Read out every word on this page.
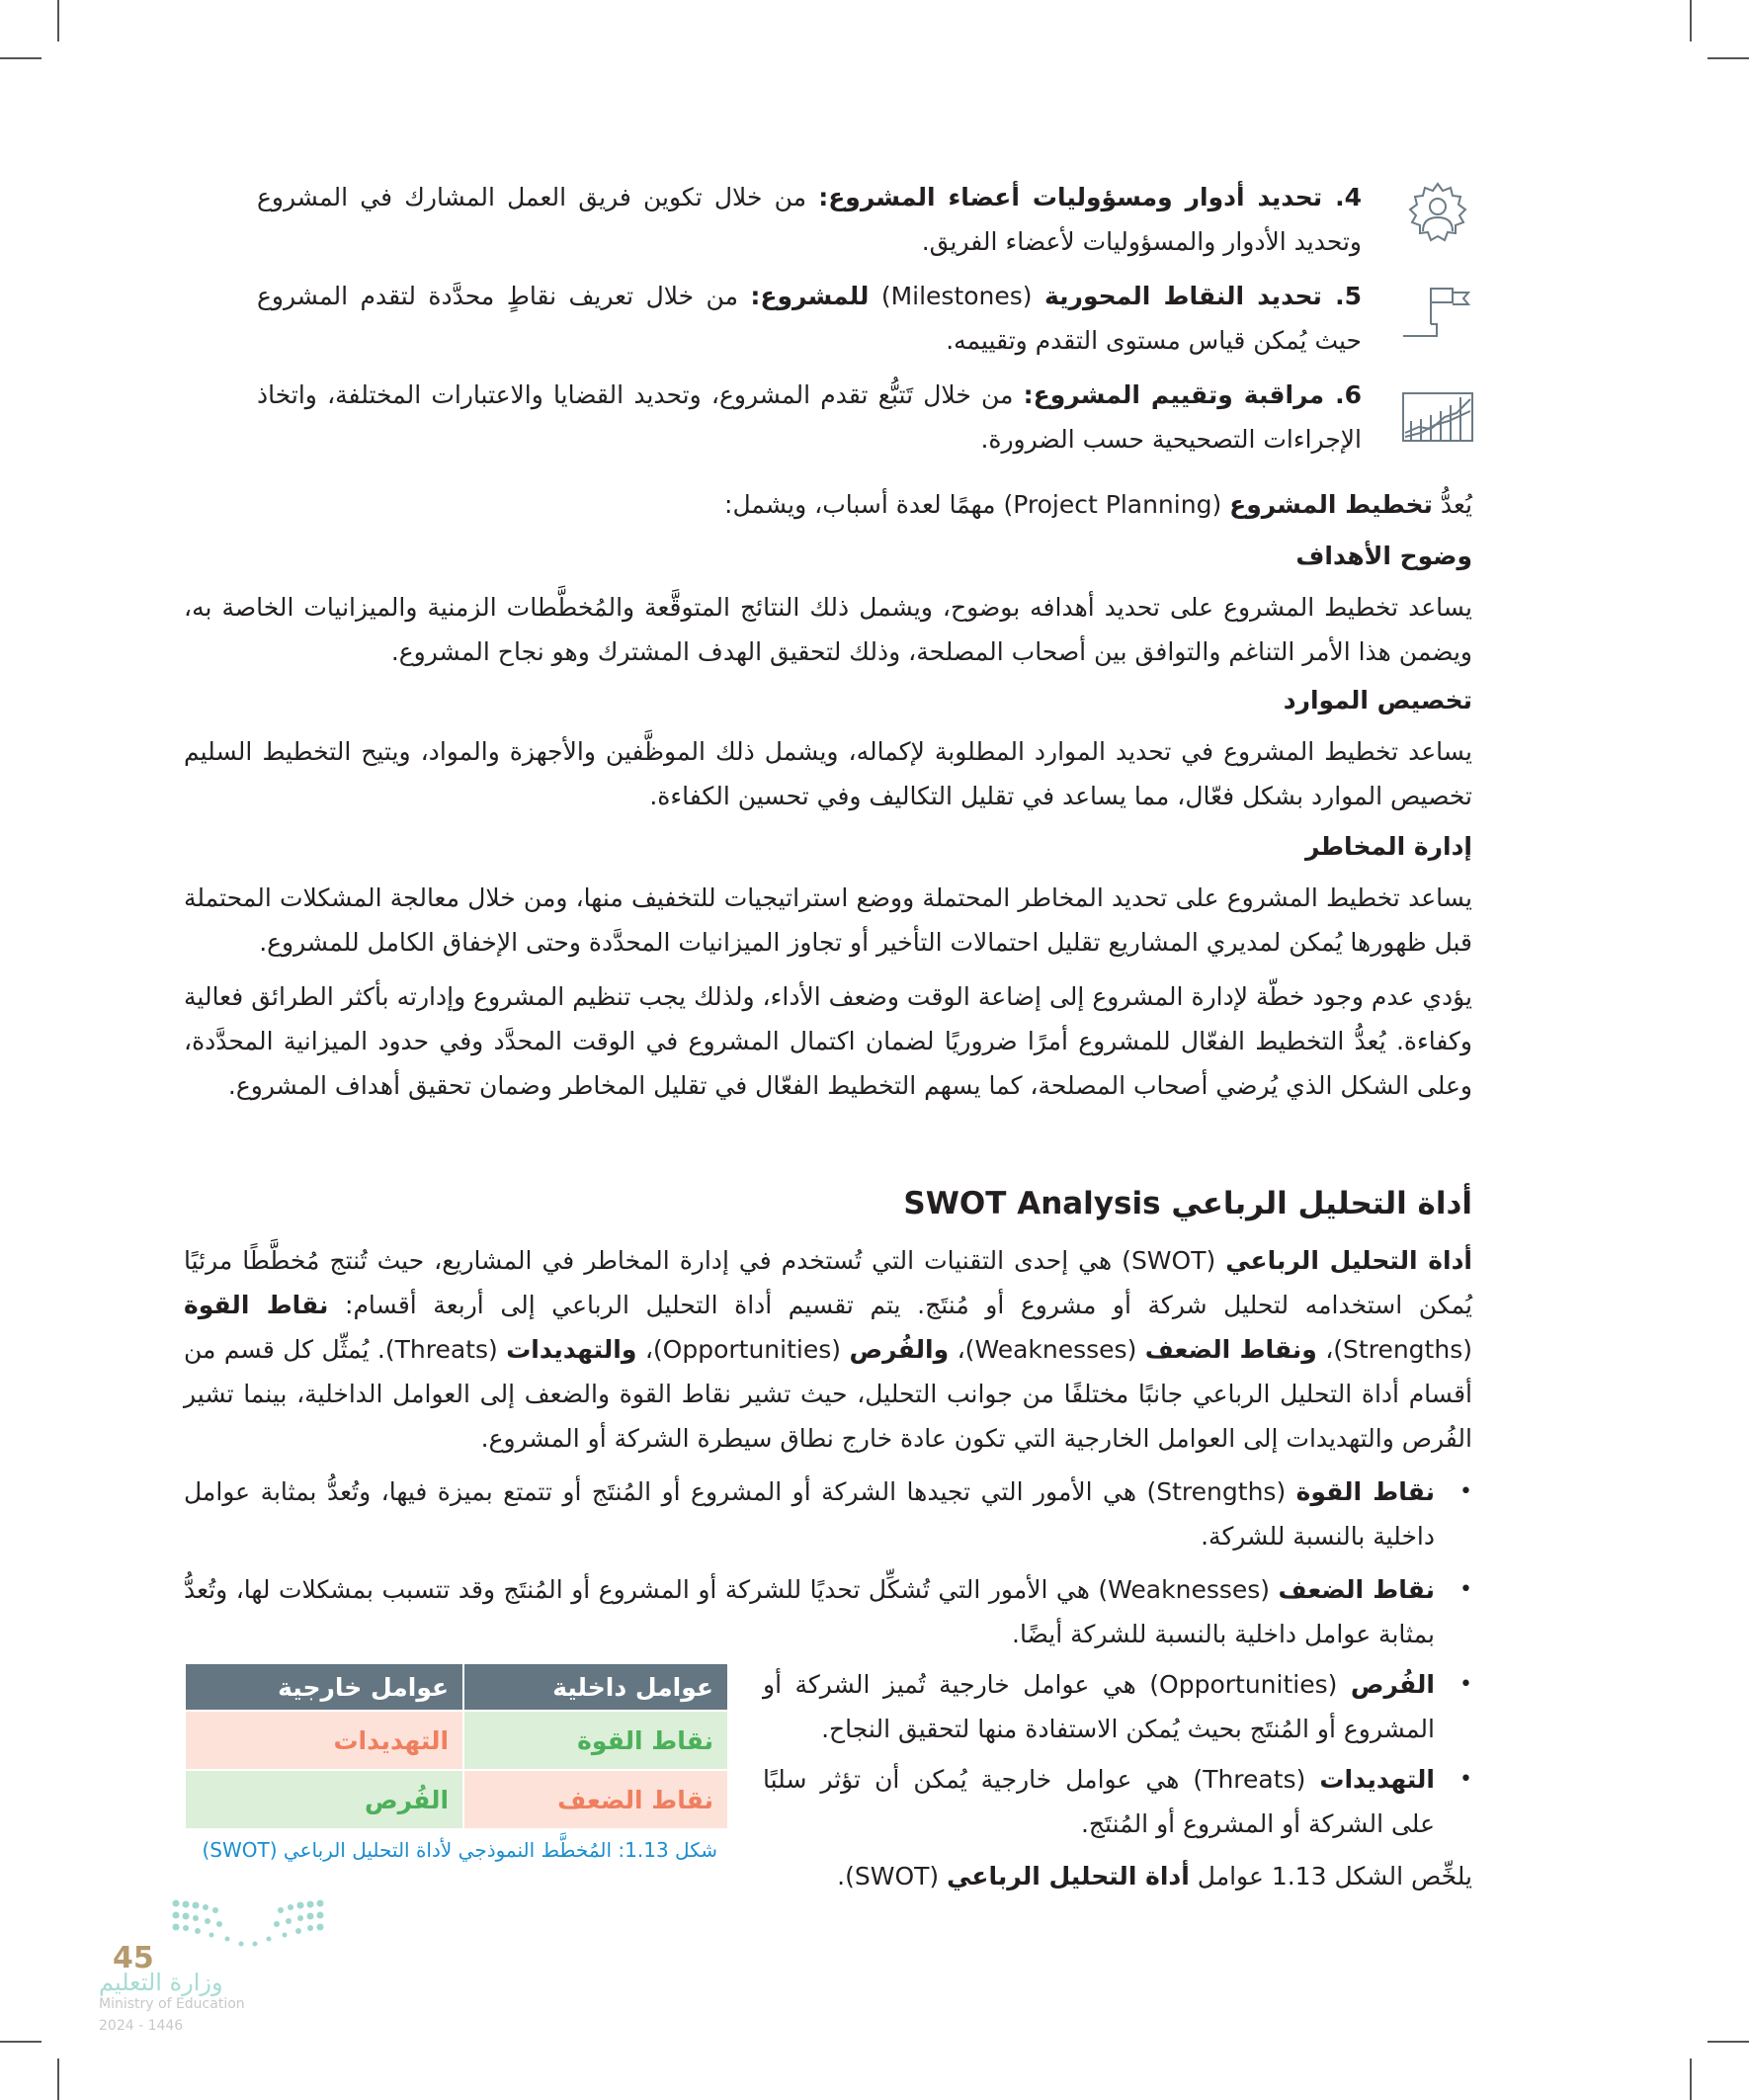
4. تحديد أدوار ومسؤوليات أعضاء المشروع: من خلال تكوين فريق العمل المشارك في المشروع وتحديد الأدوار والمسؤوليات لأعضاء الفريق.
5. تحديد النقاط المحورية (Milestones) للمشروع: من خلال تعريف نقاطٍ محدَّدة لتقدم المشروع حيث يُمكن قياس مستوى التقدم وتقييمه.
6. مراقبة وتقييم المشروع: من خلال تَتبُّع تقدم المشروع، وتحديد القضايا والاعتبارات المختلفة، واتخاذ الإجراءات التصحيحية حسب الضرورة.
يُعدُّ تخطيط المشروع (Project Planning) مهمًا لعدة أسباب، ويشمل:
وضوح الأهداف
يساعد تخطيط المشروع على تحديد أهدافه بوضوح، ويشمل ذلك النتائج المتوقَّعة والمُخطَّطات الزمنية والميزانيات الخاصة به، ويضمن هذا الأمر التناغم والتوافق بين أصحاب المصلحة، وذلك لتحقيق الهدف المشترك وهو نجاح المشروع.
تخصيص الموارد
يساعد تخطيط المشروع في تحديد الموارد المطلوبة لإكماله، ويشمل ذلك الموظَّفين والأجهزة والمواد، ويتيح التخطيط السليم تخصيص الموارد بشكل فعّال، مما يساعد في تقليل التكاليف وفي تحسين الكفاءة.
إدارة المخاطر
يساعد تخطيط المشروع على تحديد المخاطر المحتملة ووضع استراتيجيات للتخفيف منها، ومن خلال معالجة المشكلات المحتملة قبل ظهورها يُمكن لمديري المشاريع تقليل احتمالات التأخير أو تجاوز الميزانيات المحدَّدة وحتى الإخفاق الكامل للمشروع.
يؤدي عدم وجود خطّة لإدارة المشروع إلى إضاعة الوقت وضعف الأداء، ولذلك يجب تنظيم المشروع وإدارته بأكثر الطرائق فعالية وكفاءة. يُعدُّ التخطيط الفعّال للمشروع أمرًا ضروريًا لضمان اكتمال المشروع في الوقت المحدَّد وفي حدود الميزانية المحدَّدة، وعلى الشكل الذي يُرضي أصحاب المصلحة، كما يسهم التخطيط الفعّال في تقليل المخاطر وضمان تحقيق أهداف المشروع.
أداة التحليل الرباعي SWOT Analysis
أداة التحليل الرباعي (SWOT) هي إحدى التقنيات التي تُستخدم في إدارة المخاطر في المشاريع، حيث تُنتج مُخطَّطًا مرئيًا يُمكن استخدامه لتحليل شركة أو مشروع أو مُنتَج. يتم تقسيم أداة التحليل الرباعي إلى أربعة أقسام: نقاط القوة (Strengths)، ونقاط الضعف (Weaknesses)، والفُرص (Opportunities)، والتهديدات (Threats). يُمثِّل كل قسم من أقسام أداة التحليل الرباعي جانبًا مختلفًا من جوانب التحليل، حيث تشير نقاط القوة والضعف إلى العوامل الداخلية، بينما تشير الفُرص والتهديدات إلى العوامل الخارجية التي تكون عادة خارج نطاق سيطرة الشركة أو المشروع.
•
نقاط القوة (Strengths) هي الأمور التي تجيدها الشركة أو المشروع أو المُنتَج أو تتمتع بميزة فيها، وتُعدُّ بمثابة عوامل داخلية بالنسبة للشركة.
•
نقاط الضعف (Weaknesses) هي الأمور التي تُشكِّل تحديًا للشركة أو المشروع أو المُنتَج وقد تتسبب بمشكلات لها، وتُعدُّ بمثابة عوامل داخلية بالنسبة للشركة أيضًا.
•
الفُرص (Opportunities) هي عوامل خارجية تُميز الشركة أو المشروع أو المُنتَج بحيث يُمكن الاستفادة منها لتحقيق النجاح.
•
التهديدات (Threats) هي عوامل خارجية يُمكن أن تؤثر سلبًا على الشركة أو المشروع أو المُنتَج.
يلخِّص الشكل 1.13 عوامل أداة التحليل الرباعي (SWOT).
عوامل داخلية	عوامل خارجية
نقاط القوة	التهديدات
نقاط الضعف	الفُرص
شكل 1.13: المُخطَّط النموذجي لأداة التحليل الرباعي (SWOT)
45
وزارة التعليم
Ministry of Education
2024 - 1446
